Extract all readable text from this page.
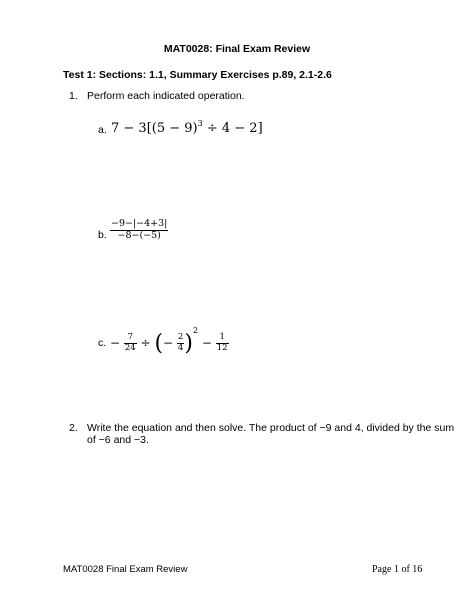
MAT0028: Final Exam Review
Test 1: Sections: 1.1, Summary Exercises p.89, 2.1-2.6
1. Perform each indicated operation.
a. $7 - 3[(5 - 9)^3 \div 4 - 2]$
b. $\frac{-9-|-4+3|}{-8-(-5)}$
c. − $\frac{7}{24}$ ÷ (− $\frac{2}{4} )^2 - \frac{1}{12}$
2. Write the equation and then solve. The product of −9 and 4, divided by the sum
of −6 and −3.
MAT0028 Final Exam Review	Page 1 of 16
